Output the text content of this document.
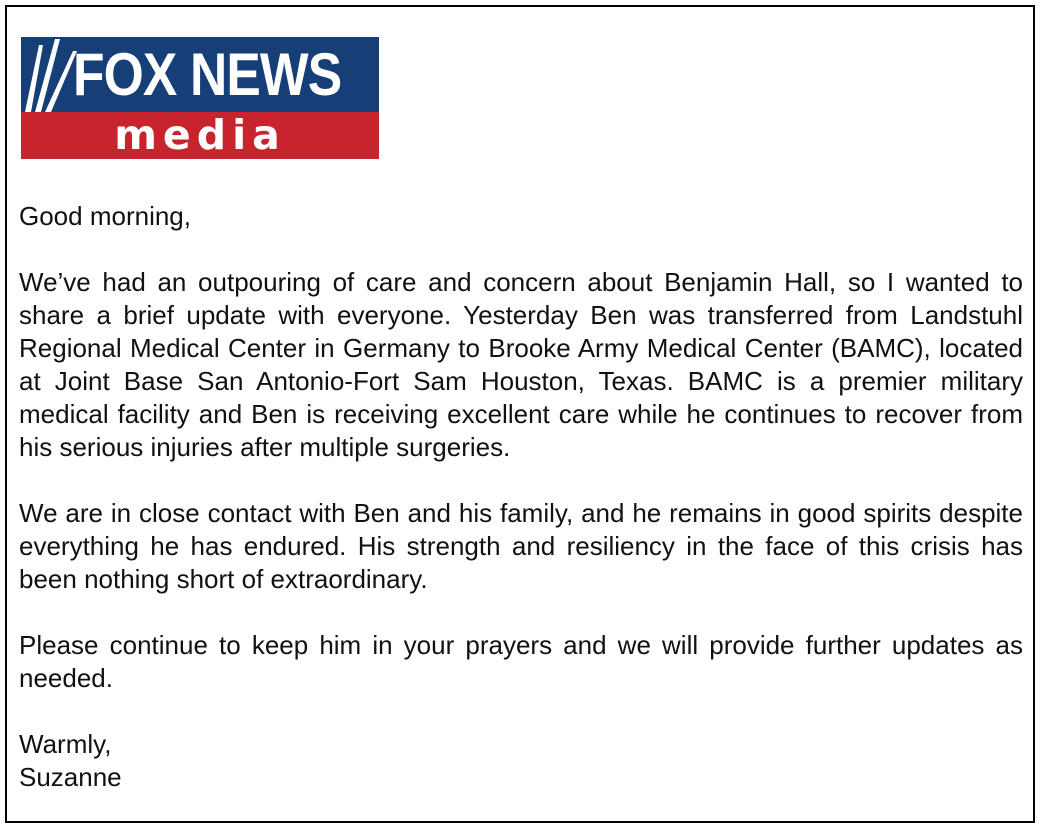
FOX NEWS
media

Good morning,

We’ve had an outpouring of care and concern about Benjamin Hall, so I wanted to share a brief update with everyone. Yesterday Ben was transferred from Landstuhl Regional Medical Center in Germany to Brooke Army Medical Center (BAMC), located at Joint Base San Antonio-Fort Sam Houston, Texas. BAMC is a premier military medical facility and Ben is receiving excellent care while he continues to recover from his serious injuries after multiple surgeries.

We are in close contact with Ben and his family, and he remains in good spirits despite everything he has endured. His strength and resiliency in the face of this crisis has been nothing short of extraordinary.

Please continue to keep him in your prayers and we will provide further updates as needed.

Warmly,

Suzanne
